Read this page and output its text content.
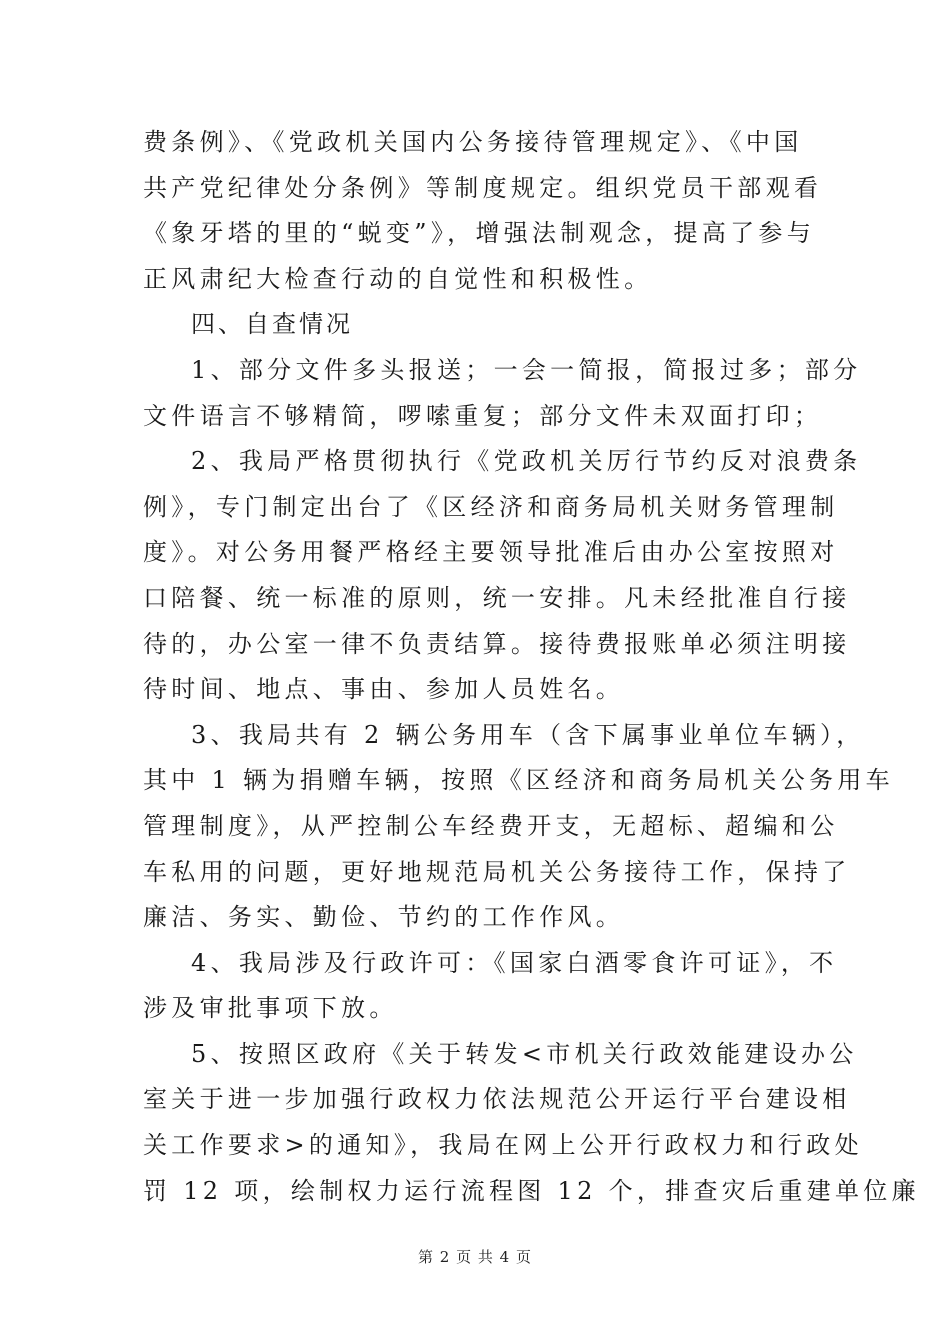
费条例》、《党政机关国内公务接待管理规定》、《中国
共产党纪律处分条例》等制度规定。组织党员干部观看
《象牙塔的里的“蜕变”》，增强法制观念，提高了参与
正风肃纪大检查行动的自觉性和积极性。
四、自查情况
1、部分文件多头报送；一会一简报，简报过多；部分
文件语言不够精简，啰嗦重复；部分文件未双面打印；
2、我局严格贯彻执行《党政机关厉行节约反对浪费条
例》，专门制定出台了《区经济和商务局机关财务管理制
度》。对公务用餐严格经主要领导批准后由办公室按照对
口陪餐、统一标准的原则，统一安排。凡未经批准自行接
待的，办公室一律不负责结算。接待费报账单必须注明接
待时间、地点、事由、参加人员姓名。
3、我局共有 2 辆公务用车（含下属事业单位车辆），
其中 1 辆为捐赠车辆，按照《区经济和商务局机关公务用车
管理制度》，从严控制公车经费开支，无超标、超编和公
车私用的问题，更好地规范局机关公务接待工作，保持了
廉洁、务实、勤俭、节约的工作作风。
4、我局涉及行政许可：《国家白酒零食许可证》，不
涉及审批事项下放。
5、按照区政府《关于转发<市机关行政效能建设办公
室关于进一步加强行政权力依法规范公开运行平台建设相
关工作要求>的通知》，我局在网上公开行政权力和行政处
罚 12 项，绘制权力运行流程图 12 个，排查灾后重建单位廉
第 2 页 共 4 页
